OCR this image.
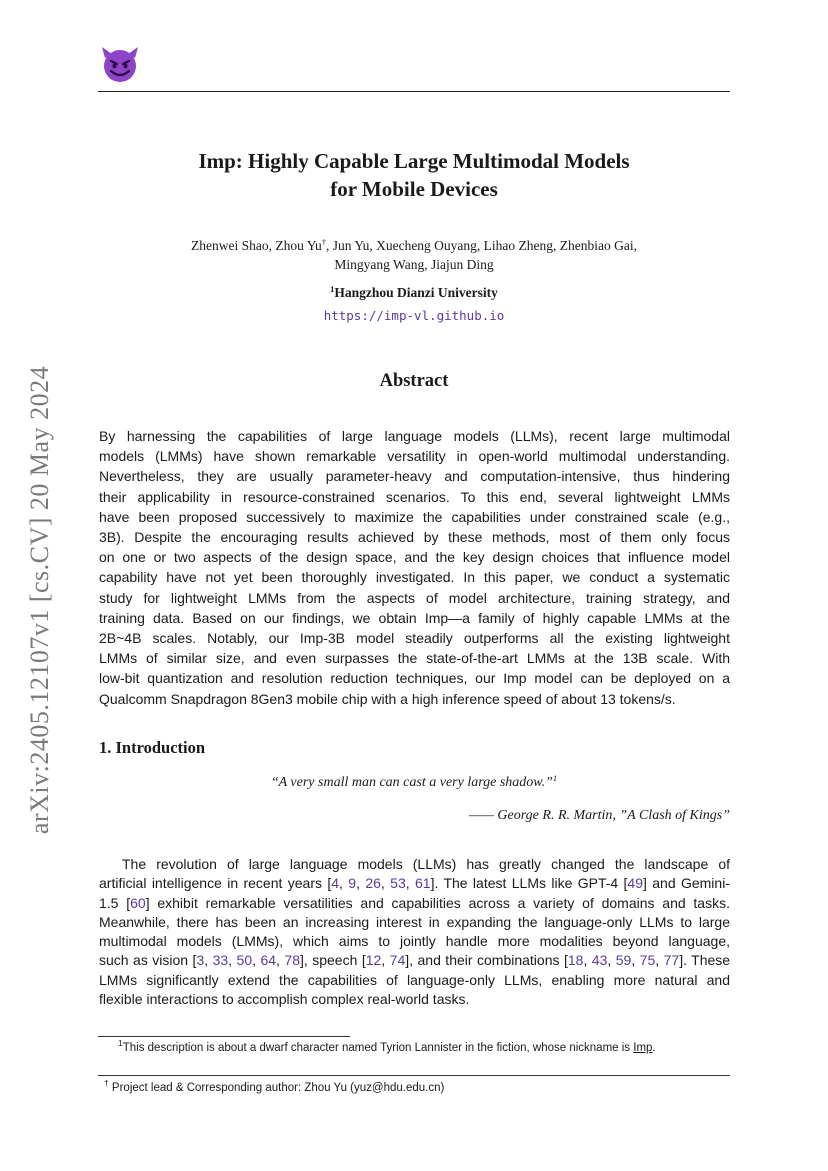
arXiv:2405.12107v1 [cs.CV] 20 May 2024
Imp: Highly Capable Large Multimodal Models
for Mobile Devices
Zhenwei Shao, Zhou Yu†, Jun Yu, Xuecheng Ouyang, Lihao Zheng, Zhenbiao Gai,
Mingyang Wang, Jiajun Ding
$^1$Hangzhou Dianzi University
https://imp-vl.github.io
Abstract
By harnessing the capabilities of large language models (LLMs), recent large multimodal
models (LMMs) have shown remarkable versatility in open-world multimodal understanding.
Nevertheless, they are usually parameter-heavy and computation-intensive, thus hindering
their applicability in resource-constrained scenarios. To this end, several lightweight LMMs
have been proposed successively to maximize the capabilities under constrained scale (e.g.,
3B). Despite the encouraging results achieved by these methods, most of them only focus
on one or two aspects of the design space, and the key design choices that influence model
capability have not yet been thoroughly investigated. In this paper, we conduct a systematic
study for lightweight LMMs from the aspects of model architecture, training strategy, and
training data. Based on our findings, we obtain Imp—a family of highly capable LMMs at the
2B~4B scales. Notably, our Imp-3B model steadily outperforms all the existing lightweight
LMMs of similar size, and even surpasses the state-of-the-art LMMs at the 13B scale. With
low-bit quantization and resolution reduction techniques, our Imp model can be deployed on a
Qualcomm Snapdragon 8Gen3 mobile chip with a high inference speed of about 13 tokens/s.
1. Introduction
“A very small man can cast a very large shadow.”$^1$
—— George R. R. Martin, ”A Clash of Kings”
The revolution of large language models (LLMs) has greatly changed the landscape of
artificial intelligence in recent years [4, 9, 26, 53, 61]. The latest LLMs like GPT-4 [49] and Gemini-
1.5 [60] exhibit remarkable versatilities and capabilities across a variety of domains and tasks.
Meanwhile, there has been an increasing interest in expanding the language-only LLMs to large
multimodal models (LMMs), which aims to jointly handle more modalities beyond language,
such as vision [3, 33, 50, 64, 78], speech [12, 74], and their combinations [18, 43, 59, 75, 77]. These
LMMs significantly extend the capabilities of language-only LLMs, enabling more natural and
flexible interactions to accomplish complex real-world tasks.
$^1$This description is about a dwarf character named Tyrion Lannister in the fiction, whose nickname is Imp.
† Project lead & Corresponding author: Zhou Yu (yuz@hdu.edu.cn)
